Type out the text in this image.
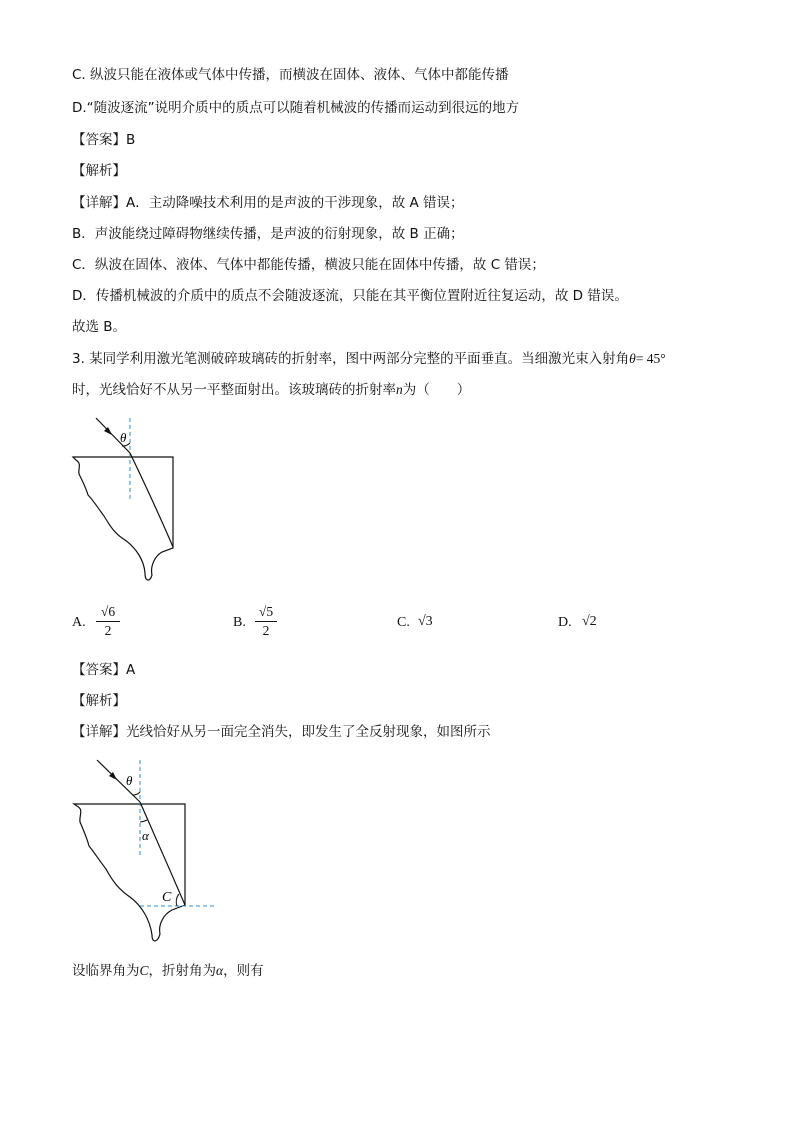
C. 纵波只能在液体或气体中传播，而横波在固体、液体、气体中都能传播
D.“随波逐流”说明介质中的质点可以随着机械波的传播而运动到很远的地方
【答案】B
【解析】
【详解】A．主动降噪技术利用的是声波的干涉现象，故 A 错误；
B．声波能绕过障碍物继续传播，是声波的衍射现象，故 B 正确；
C．纵波在固体、液体、气体中都能传播，横波只能在固体中传播，故 C 错误；
D．传播机械波的介质中的质点不会随波逐流，只能在其平衡位置附近往复运动，故 D 错误。
故选 B。
3. 某同学利用激光笔测破碎玻璃砖的折射率，图中两部分完整的平面垂直。当细激光束入射角θ= 45°
时，光线恰好不从另一平整面射出。该玻璃砖的折射率n为（　　）
θ
A.
√6
2
B.
√5
2
C. √3	D. √2
【答案】A
【解析】
【详解】光线恰好从另一面完全消失，即发生了全反射现象，如图所示
θ
α
C
设临界角为C，折射角为α，则有
